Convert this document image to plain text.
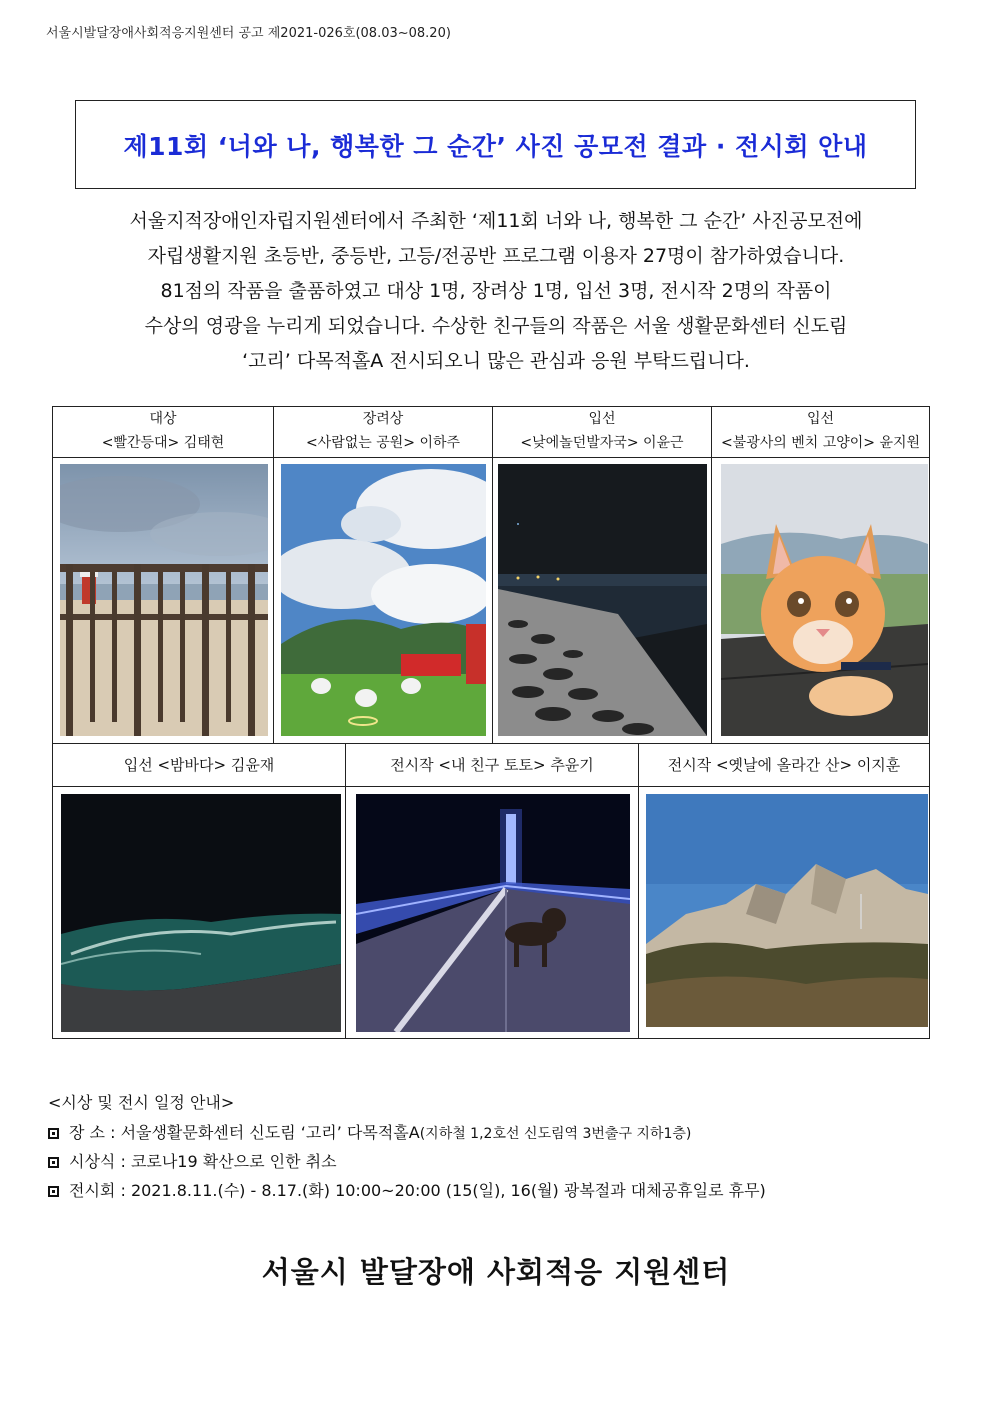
서울시발달장애사회적응지원센터 공고 제2021-026호(08.03~08.20)
제11회 ‘너와 나, 행복한 그 순간’ 사진 공모전 결과 · 전시회 안내
서울지적장애인자립지원센터에서 주최한 ‘제11회 너와 나, 행복한 그 순간’ 사진공모전에
자립생활지원 초등반, 중등반, 고등/전공반 프로그램 이용자 27명이 참가하였습니다.
81점의 작품을 출품하였고 대상 1명, 장려상 1명, 입선 3명, 전시작 2명의 작품이
수상의 영광을 누리게 되었습니다. 수상한 친구들의 작품은 서울 생활문화센터 신도림
‘고리’ 다목적홀A 전시되오니 많은 관심과 응원 부탁드립니다.
대상
<빨간등대> 김태현
장려상
<사람없는 공원> 이하주
입선
<낮에놀던발자국> 이윤근
입선
<불광사의 벤치 고양이> 윤지원
입선 <밤바다> 김윤재	전시작 <내 친구 토토> 추윤기	전시작 <옛날에 올라간 산> 이지훈
<시상 및 전시 일정 안내>
장 소 : 서울생활문화센터 신도림 ‘고리’ 다목적홀A(지하철 1,2호선 신도림역 3번출구 지하1층)
시상식 : 코로나19 확산으로 인한 취소
전시회 : 2021.8.11.(수) - 8.17.(화) 10:00~20:00 (15(일), 16(월) 광복절과 대체공휴일로 휴무)
서울시 발달장애 사회적응 지원센터
